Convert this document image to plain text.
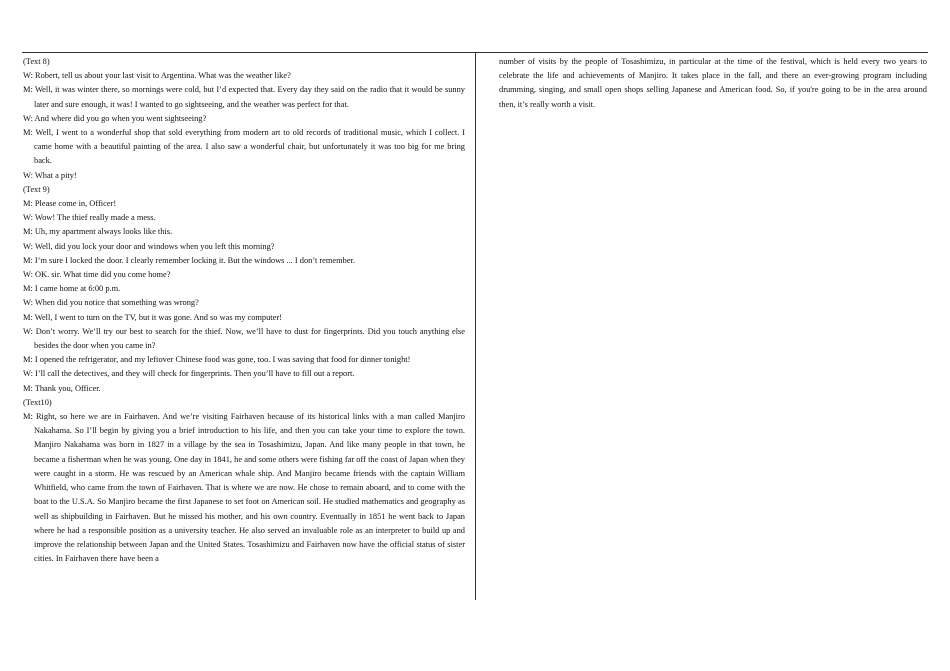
(Text 8)

W: Robert, tell us about your last visit to Argentina. What was the weather like?

M: Well, it was winter there, so mornings were cold, but I’d expected that. Every day they said on the radio that it would be sunny later and sure enough, it was! I wanted to go sightseeing, and the weather was perfect for that.

W: And where did you go when you went sightseeing?

M: Well, I went to a wonderful shop that sold everything from modern art to old records of traditional music, which I collect. I came home with a beautiful painting of the area. I also saw a wonderful chair, but unfortunately it was too big for me bring back.

W: What a pity!

(Text 9)

M: Please come in, Officer!

W: Wow! The thief really made a mess.

M: Uh, my apartment always looks like this.

W: Well, did you lock your door and windows when you left this morning?

M: I’m sure I locked the door. I clearly remember locking it. But the windows ... I don’t remember.

W: OK. sir. What time did you come home?

M: I came home at 6:00 p.m.

W: When did you notice that something was wrong?

M: Well, I went to turn on the TV, but it was gone. And so was my computer!

W: Don’t worry. We’ll try our best to search for the thief. Now, we’ll have to dust for fingerprints. Did you touch anything else besides the door when you came in?

M: I opened the refrigerator, and my leftover Chinese food was gone, too. I was saving that food for dinner tonight!

W: I’ll call the detectives, and they will check for fingerprints. Then you’ll have to fill out a report.

M: Thank you, Officer.

(Text10)

M: Right, so here we are in Fairhaven. And we’re visiting Fairhaven because of its historical links with a man called Manjiro Nakahama. So I’ll begin by giving you a brief introduction to his life, and then you can take your time to explore the town. Manjiro Nakahama was born in 1827 in a village by the sea in Tosashimizu, Japan. And like many people in that town, he became a fisherman when he was young. One day in 1841, he and some others were fishing far off the coast of Japan when they were caught in a storm. He was rescued by an American whale ship. And Manjiro became friends with the captain William Whitfield, who came from the town of Fairhaven. That is where we are now. He chose to remain aboard, and to come with the boat to the U.S.A. So Manjiro became the first Japanese to set foot on American soil. He studied mathematics and geography as well as shipbuilding in Fairhaven. But he missed his mother, and his own country. Eventually in 1851 he went back to Japan where he had a responsible position as a university teacher. He also served an invaluable role as an interpreter to build up and improve the relationship between Japan and the United States. Tosashimizu and Fairhaven now have the official status of sister cities. In Fairhaven there have been a

number of visits by the people of Tosashimizu, in particular at the time of the festival, which is held every two years to celebrate the life and achievements of Manjiro. It takes place in the fall, and there an ever-growing program including drumming, singing, and small open shops selling Japanese and American food. So, if you're going to be in the area around then, it’s really worth a visit.
